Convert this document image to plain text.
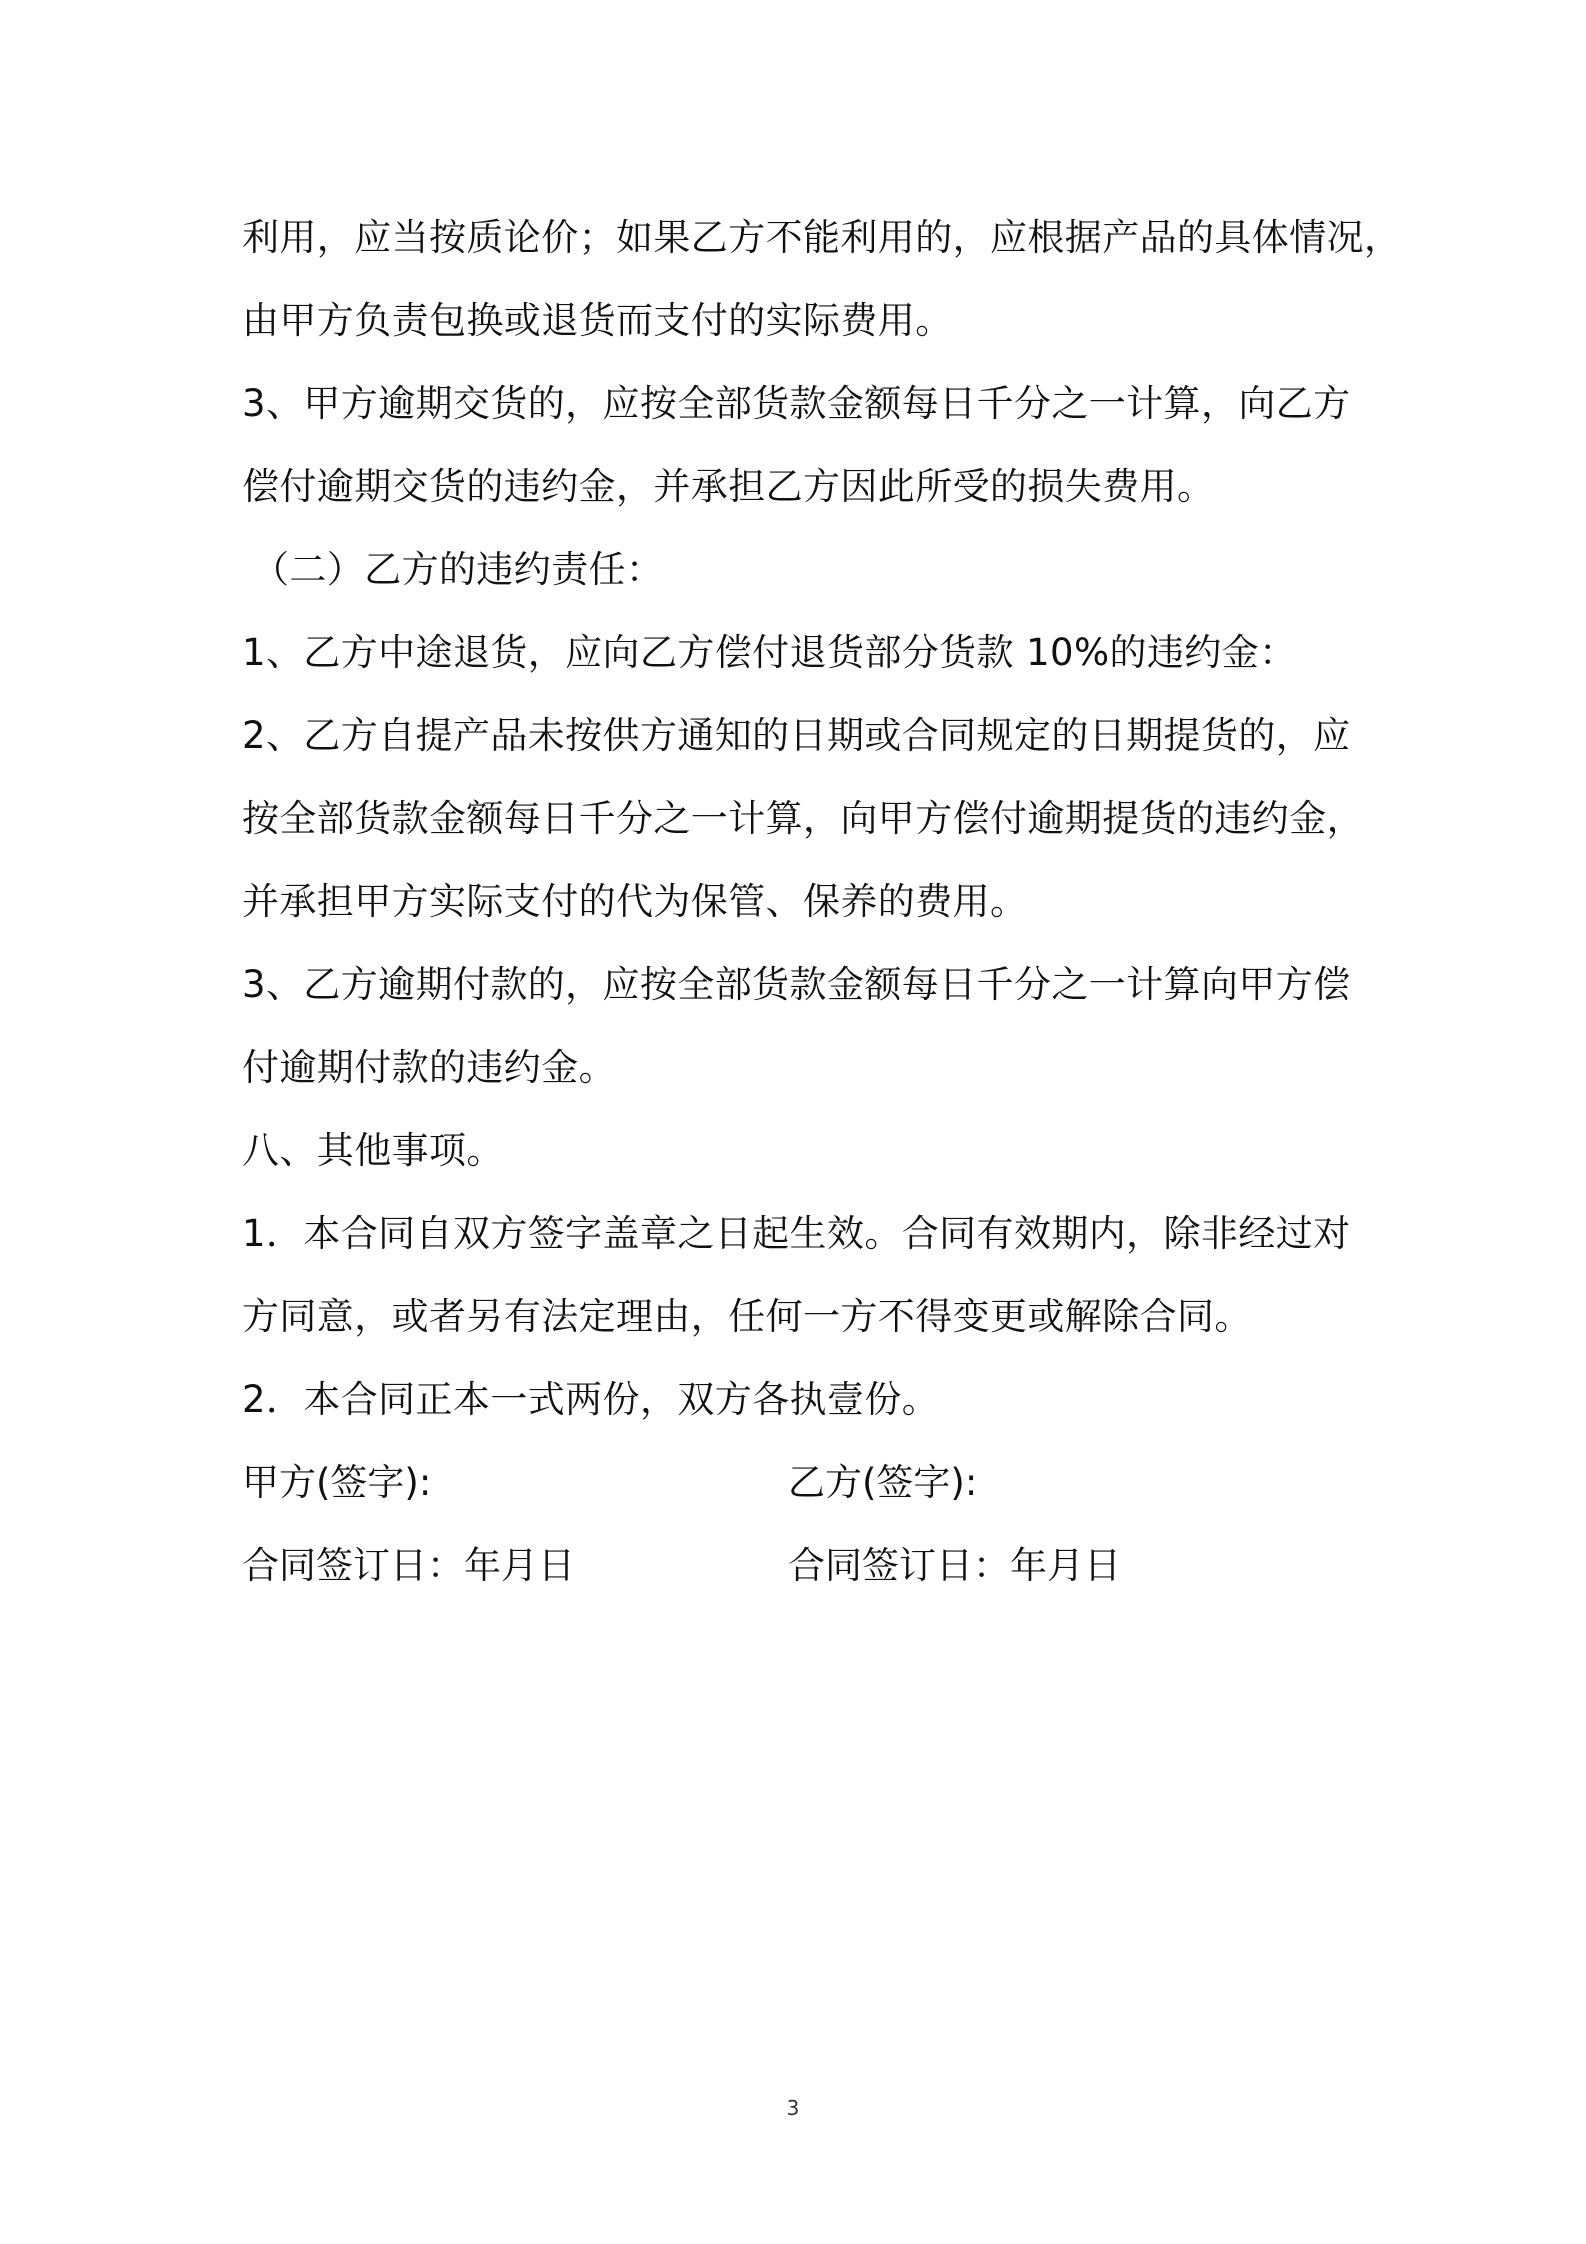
利用，应当按质论价；如果乙方不能利用的，应根据产品的具体情况，
由甲方负责包换或退货而支付的实际费用。
3、甲方逾期交货的，应按全部货款金额每日千分之一计算，向乙方
偿付逾期交货的违约金，并承担乙方因此所受的损失费用。
（二）乙方的违约责任：
1、乙方中途退货，应向乙方偿付退货部分货款 10%的违约金：
2、乙方自提产品未按供方通知的日期或合同规定的日期提货的，应
按全部货款金额每日千分之一计算，向甲方偿付逾期提货的违约金，
并承担甲方实际支付的代为保管、保养的费用。
3、乙方逾期付款的，应按全部货款金额每日千分之一计算向甲方偿
付逾期付款的违约金。
八、其他事项。
1．本合同自双方签字盖章之日起生效。合同有效期内，除非经过对
方同意，或者另有法定理由，任何一方不得变更或解除合同。
2．本合同正本一式两份，双方各执壹份。
甲方(签字):	乙方(签字):
合同签订日：年月日	合同签订日：年月日
3
